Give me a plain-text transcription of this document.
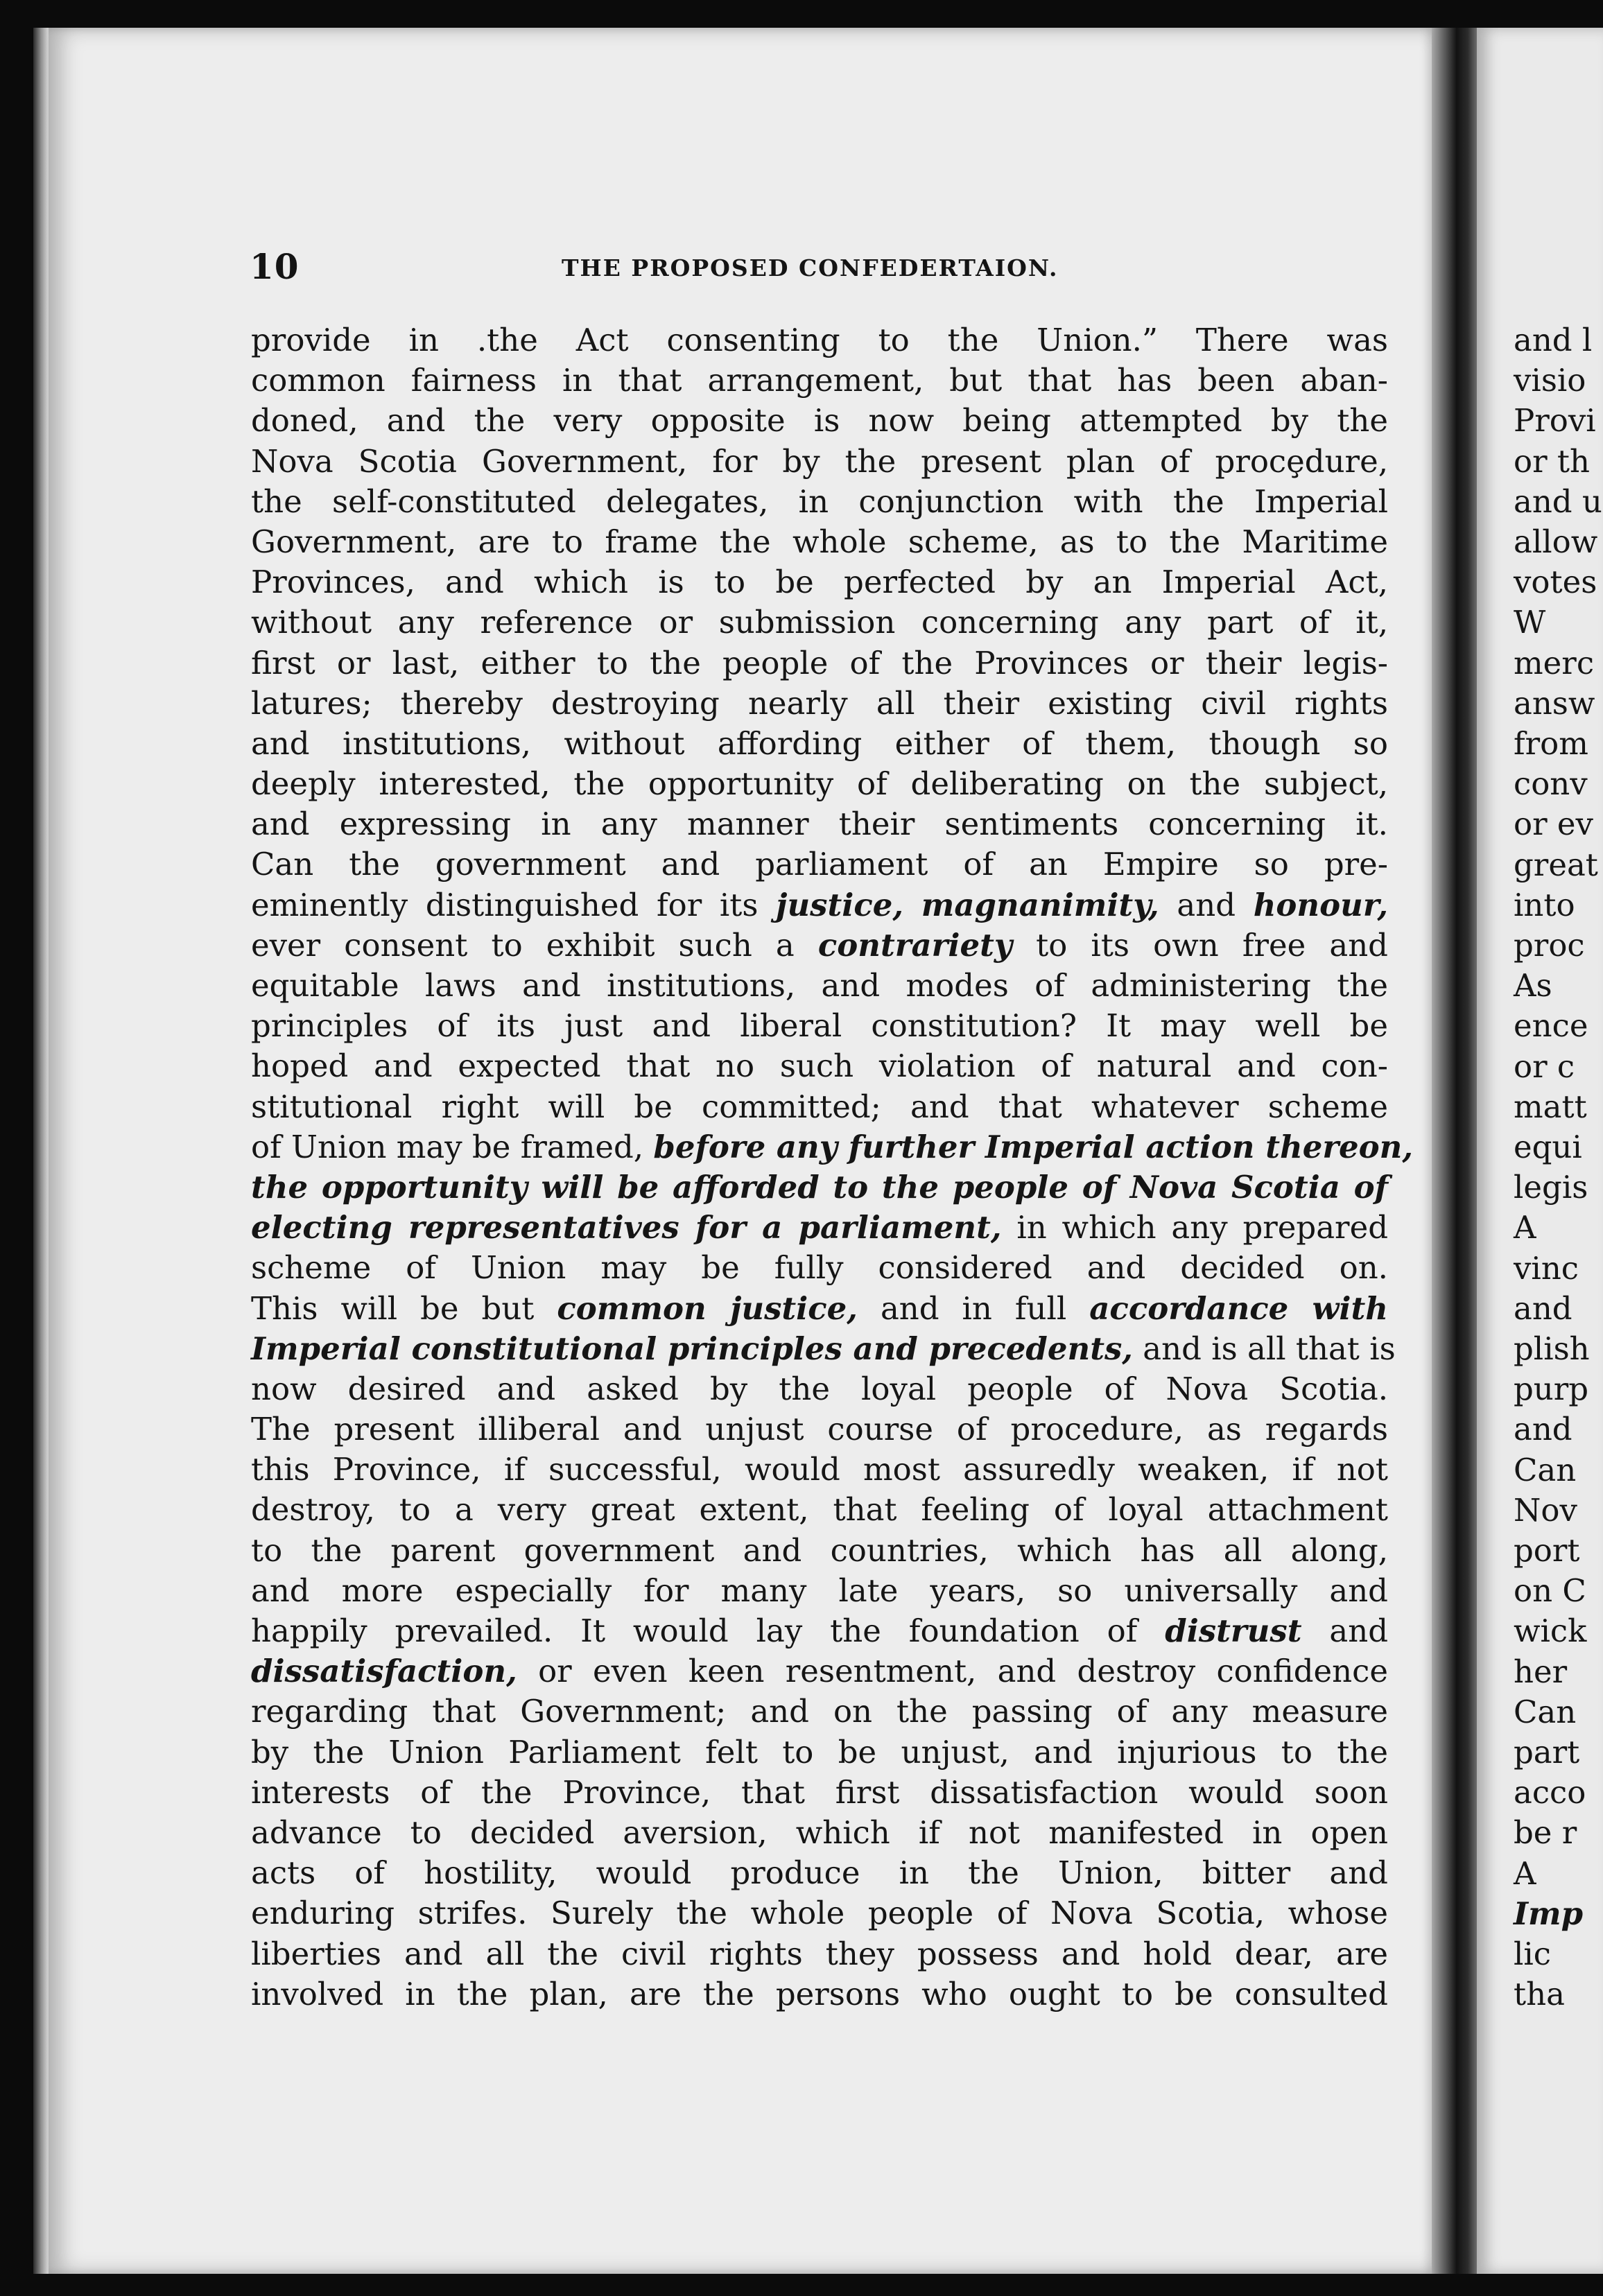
10	THE PROPOSED CONFEDERTAION.
provide in .the Act consenting to the Union.” There was
common fairness in that arrangement, but that has been aban-
doned, and the very opposite is now being attempted by the
Nova Scotia Government, for by the present plan of procȩdure,
the self-constituted delegates, in conjunction with the Imperial
Government, are to frame the whole scheme, as to the Maritime
Provinces, and which is to be perfected by an Imperial Act,
without any reference or submission concerning any part of it,
first or last, either to the people of the Provinces or their legis-
latures; thereby destroying nearly all their existing civil rights
and institutions, without affording either of them, though so
deeply interested, the opportunity of deliberating on the subject,
and expressing in any manner their sentiments concerning it.
Can the government and parliament of an Empire so pre-
eminently distinguished for its justice, magnanimity, and honour,
ever consent to exhibit such a contrariety to its own free and
equitable laws and institutions, and modes of administering the
principles of its just and liberal constitution? It may well be
hoped and expected that no such violation of natural and con-
stitutional right will be committed; and that whatever scheme
of Union may be framed, before any further Imperial action thereon,
the opportunity will be afforded to the people of Nova Scotia of
electing representatives for a parliament, in which any prepared
scheme of Union may be fully considered and decided on.
This will be but common justice, and in full accordance with
Imperial constitutional principles and precedents, and is all that is
now desired and asked by the loyal people of Nova Scotia.
The present illiberal and unjust course of procedure, as regards
this Province, if successful, would most assuredly weaken, if not
destroy, to a very great extent, that feeling of loyal attachment
to the parent government and countries, which has all along,
and more especially for many late years, so universally and
happily prevailed. It would lay the foundation of distrust and
dissatisfaction, or even keen resentment, and destroy confidence
regarding that Government; and on the passing of any measure
by the Union Parliament felt to be unjust, and injurious to the
interests of the Province, that first dissatisfaction would soon
advance to decided aversion, which if not manifested in open
acts of hostility, would produce in the Union, bitter and
enduring strifes. Surely the whole people of Nova Scotia, whose
liberties and all the civil rights they possess and hold dear, are
involved in the plan, are the persons who ought to be consulted
and l
visio
Provi
or th
and u
allow
votes
W
merc
answ
from
conv
or ev
great
into
proc
As
ence
or c
matt
equi
legis
A
vinc
and
plish
purp
and
Can
Nov
port
on C
wick
her
Can
part
acco
be r
A
Imp
lic
tha
